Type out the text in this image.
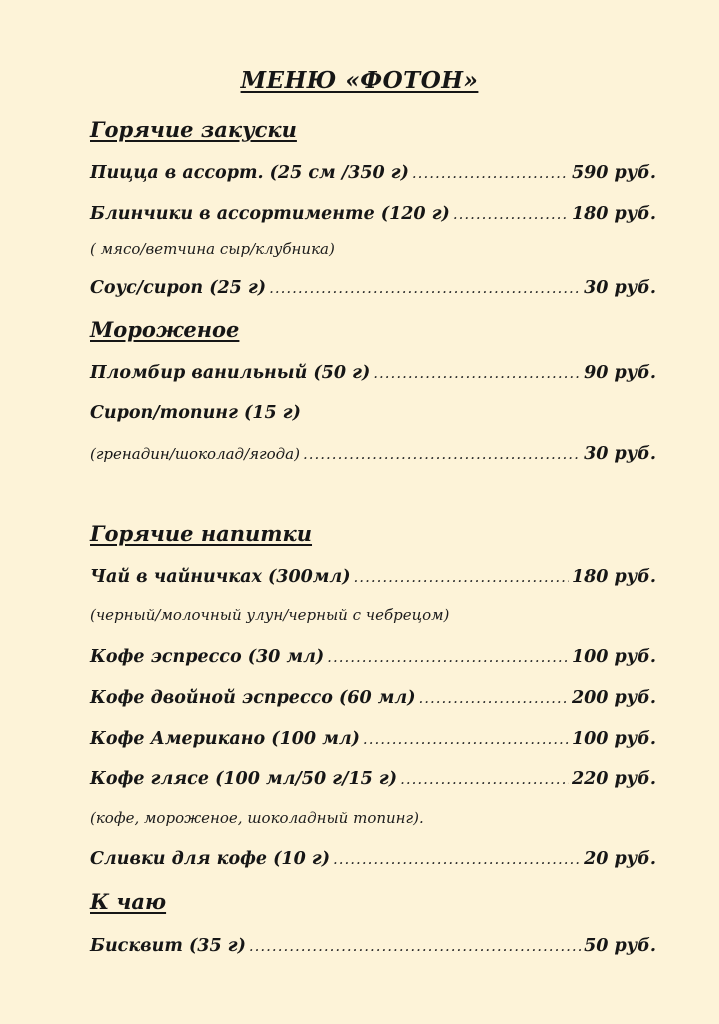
МЕНЮ «ФОТОН»
Горячие закуски
Пицца в ассорт. (25 см /350 г) .....	590 руб.
Блинчики в ассортименте (120 г) .....	180 руб.
( мясо/ветчина сыр/клубника)
Соус/сироп (25 г) .....	30 руб.
Мороженое
Пломбир ванильный (50 г) .....	90 руб.
Сироп/топинг (15 г)
(гренадин/шоколад/ягода) .....	30 руб.
Горячие напитки
Чай в чайничках (300мл) .....	180 руб.
(черный/молочный улун/черный с чебрецом)
Кофе эспрессо (30 мл) .....	100 руб.
Кофе двойной эспрессо (60 мл) .....	200 руб.
Кофе Американо (100 мл) .....	100 руб.
Кофе глясе (100 мл/50 г/15 г) .....	220 руб.
(кофе, мороженое, шоколадный топинг).
Сливки для кофе (10 г) .....	20 руб.
К чаю
Бисквит (35 г) .....	50 руб.
